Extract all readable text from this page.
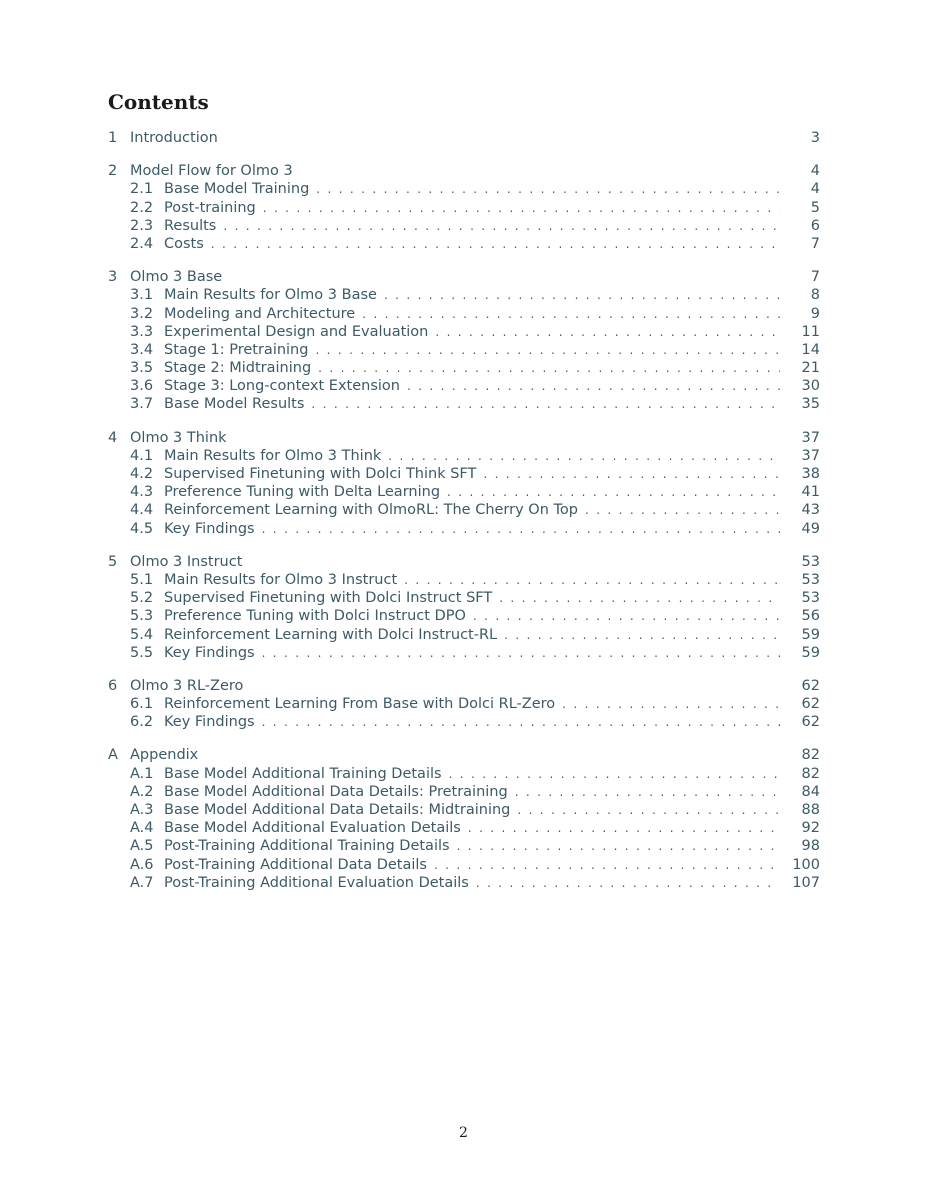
Contents
1 Introduction	3
2 Model Flow for Olmo 3	4
2.1 Base Model Training .....	4
2.2 Post-training .....	5
2.3 Results .....	6
2.4 Costs .....	7
3 Olmo 3 Base	7
3.1 Main Results for Olmo 3 Base .....	8
3.2 Modeling and Architecture .....	9
3.3 Experimental Design and Evaluation .....	11
3.4 Stage 1: Pretraining .....	14
3.5 Stage 2: Midtraining .....	21
3.6 Stage 3: Long-context Extension .....	30
3.7 Base Model Results .....	35
4 Olmo 3 Think	37
4.1 Main Results for Olmo 3 Think .....	37
4.2 Supervised Finetuning with Dolci Think SFT .....	38
4.3 Preference Tuning with Delta Learning .....	41
4.4 Reinforcement Learning with OlmoRL: The Cherry On Top .....	43
4.5 Key Findings .....	49
5 Olmo 3 Instruct	53
5.1 Main Results for Olmo 3 Instruct .....	53
5.2 Supervised Finetuning with Dolci Instruct SFT .....	53
5.3 Preference Tuning with Dolci Instruct DPO .....	56
5.4 Reinforcement Learning with Dolci Instruct-RL .....	59
5.5 Key Findings .....	59
6 Olmo 3 RL-Zero	62
6.1 Reinforcement Learning From Base with Dolci RL-Zero .....	62
6.2 Key Findings .....	62
A Appendix	82
A.1 Base Model Additional Training Details .....	82
A.2 Base Model Additional Data Details: Pretraining .....	84
A.3 Base Model Additional Data Details: Midtraining .....	88
A.4 Base Model Additional Evaluation Details .....	92
A.5 Post-Training Additional Training Details .....	98
A.6 Post-Training Additional Data Details .....	100
A.7 Post-Training Additional Evaluation Details .....	107
2
